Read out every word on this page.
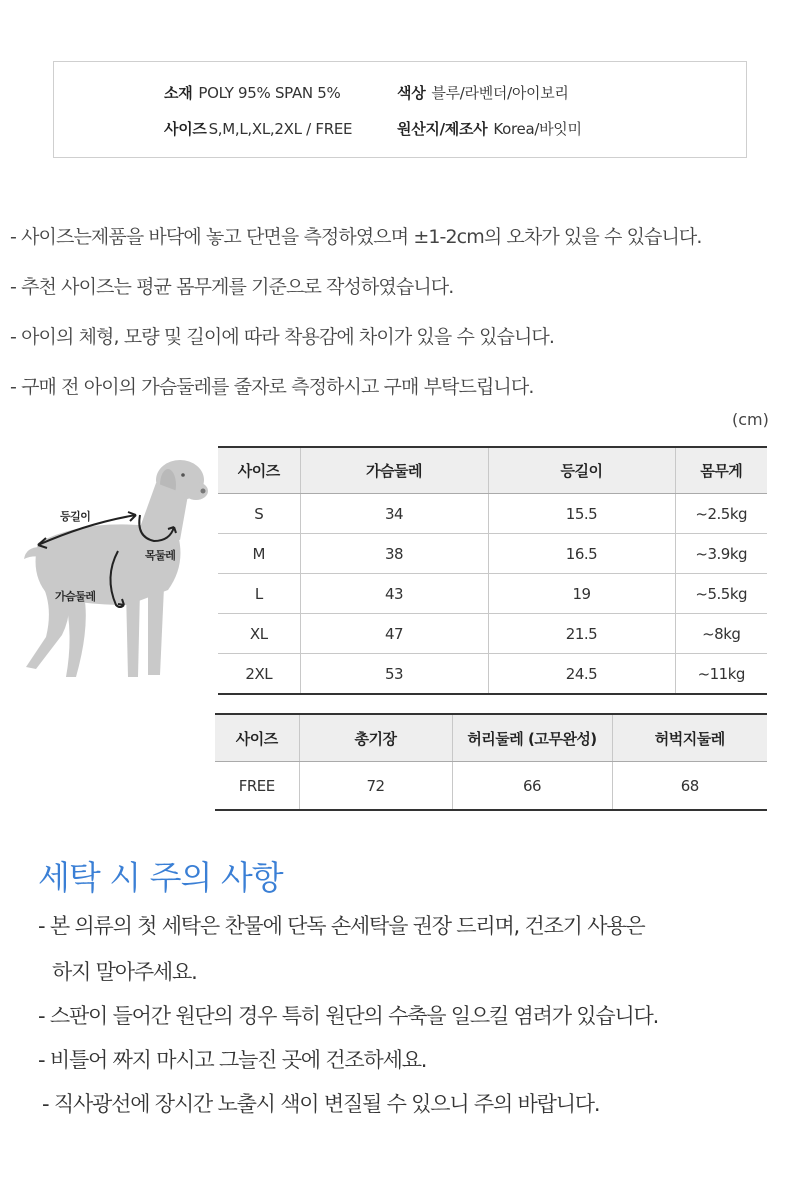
소재 POLY 95% SPAN 5%	색상 블루/라벤더/아이보리
사이즈 S,M,L,XL,2XL / FREE	원산지/제조사 Korea/바잇미
- 사이즈는제품을 바닥에 놓고 단면을 측정하였으며 ±1-2cm의 오차가 있을 수 있습니다.
- 추천 사이즈는 평균 몸무게를 기준으로 작성하였습니다.
- 아이의 체형, 모량 및 길이에 따라 착용감에 차이가 있을 수 있습니다.
- 구매 전 아이의 가슴둘레를 줄자로 측정하시고 구매 부탁드립니다.
(cm)
등길이
목둘레
가슴둘레
사이즈	가슴둘레	등길이	몸무게
S	34	15.5	~2.5kg
M	38	16.5	~3.9kg
L	43	19	~5.5kg
XL	47	21.5	~8kg
2XL	53	24.5	~11kg
사이즈	총기장	허리둘레 (고무완성)	허벅지둘레
FREE	72	66	68
세탁 시 주의 사항
- 본 의류의 첫 세탁은 찬물에 단독 손세탁을 권장 드리며, 건조기 사용은
하지 말아주세요.
- 스판이 들어간 원단의 경우 특히 원단의 수축을 일으킬 염려가 있습니다.
- 비틀어 짜지 마시고 그늘진 곳에 건조하세요.
- 직사광선에 장시간 노출시 색이 변질될 수 있으니 주의 바랍니다.
